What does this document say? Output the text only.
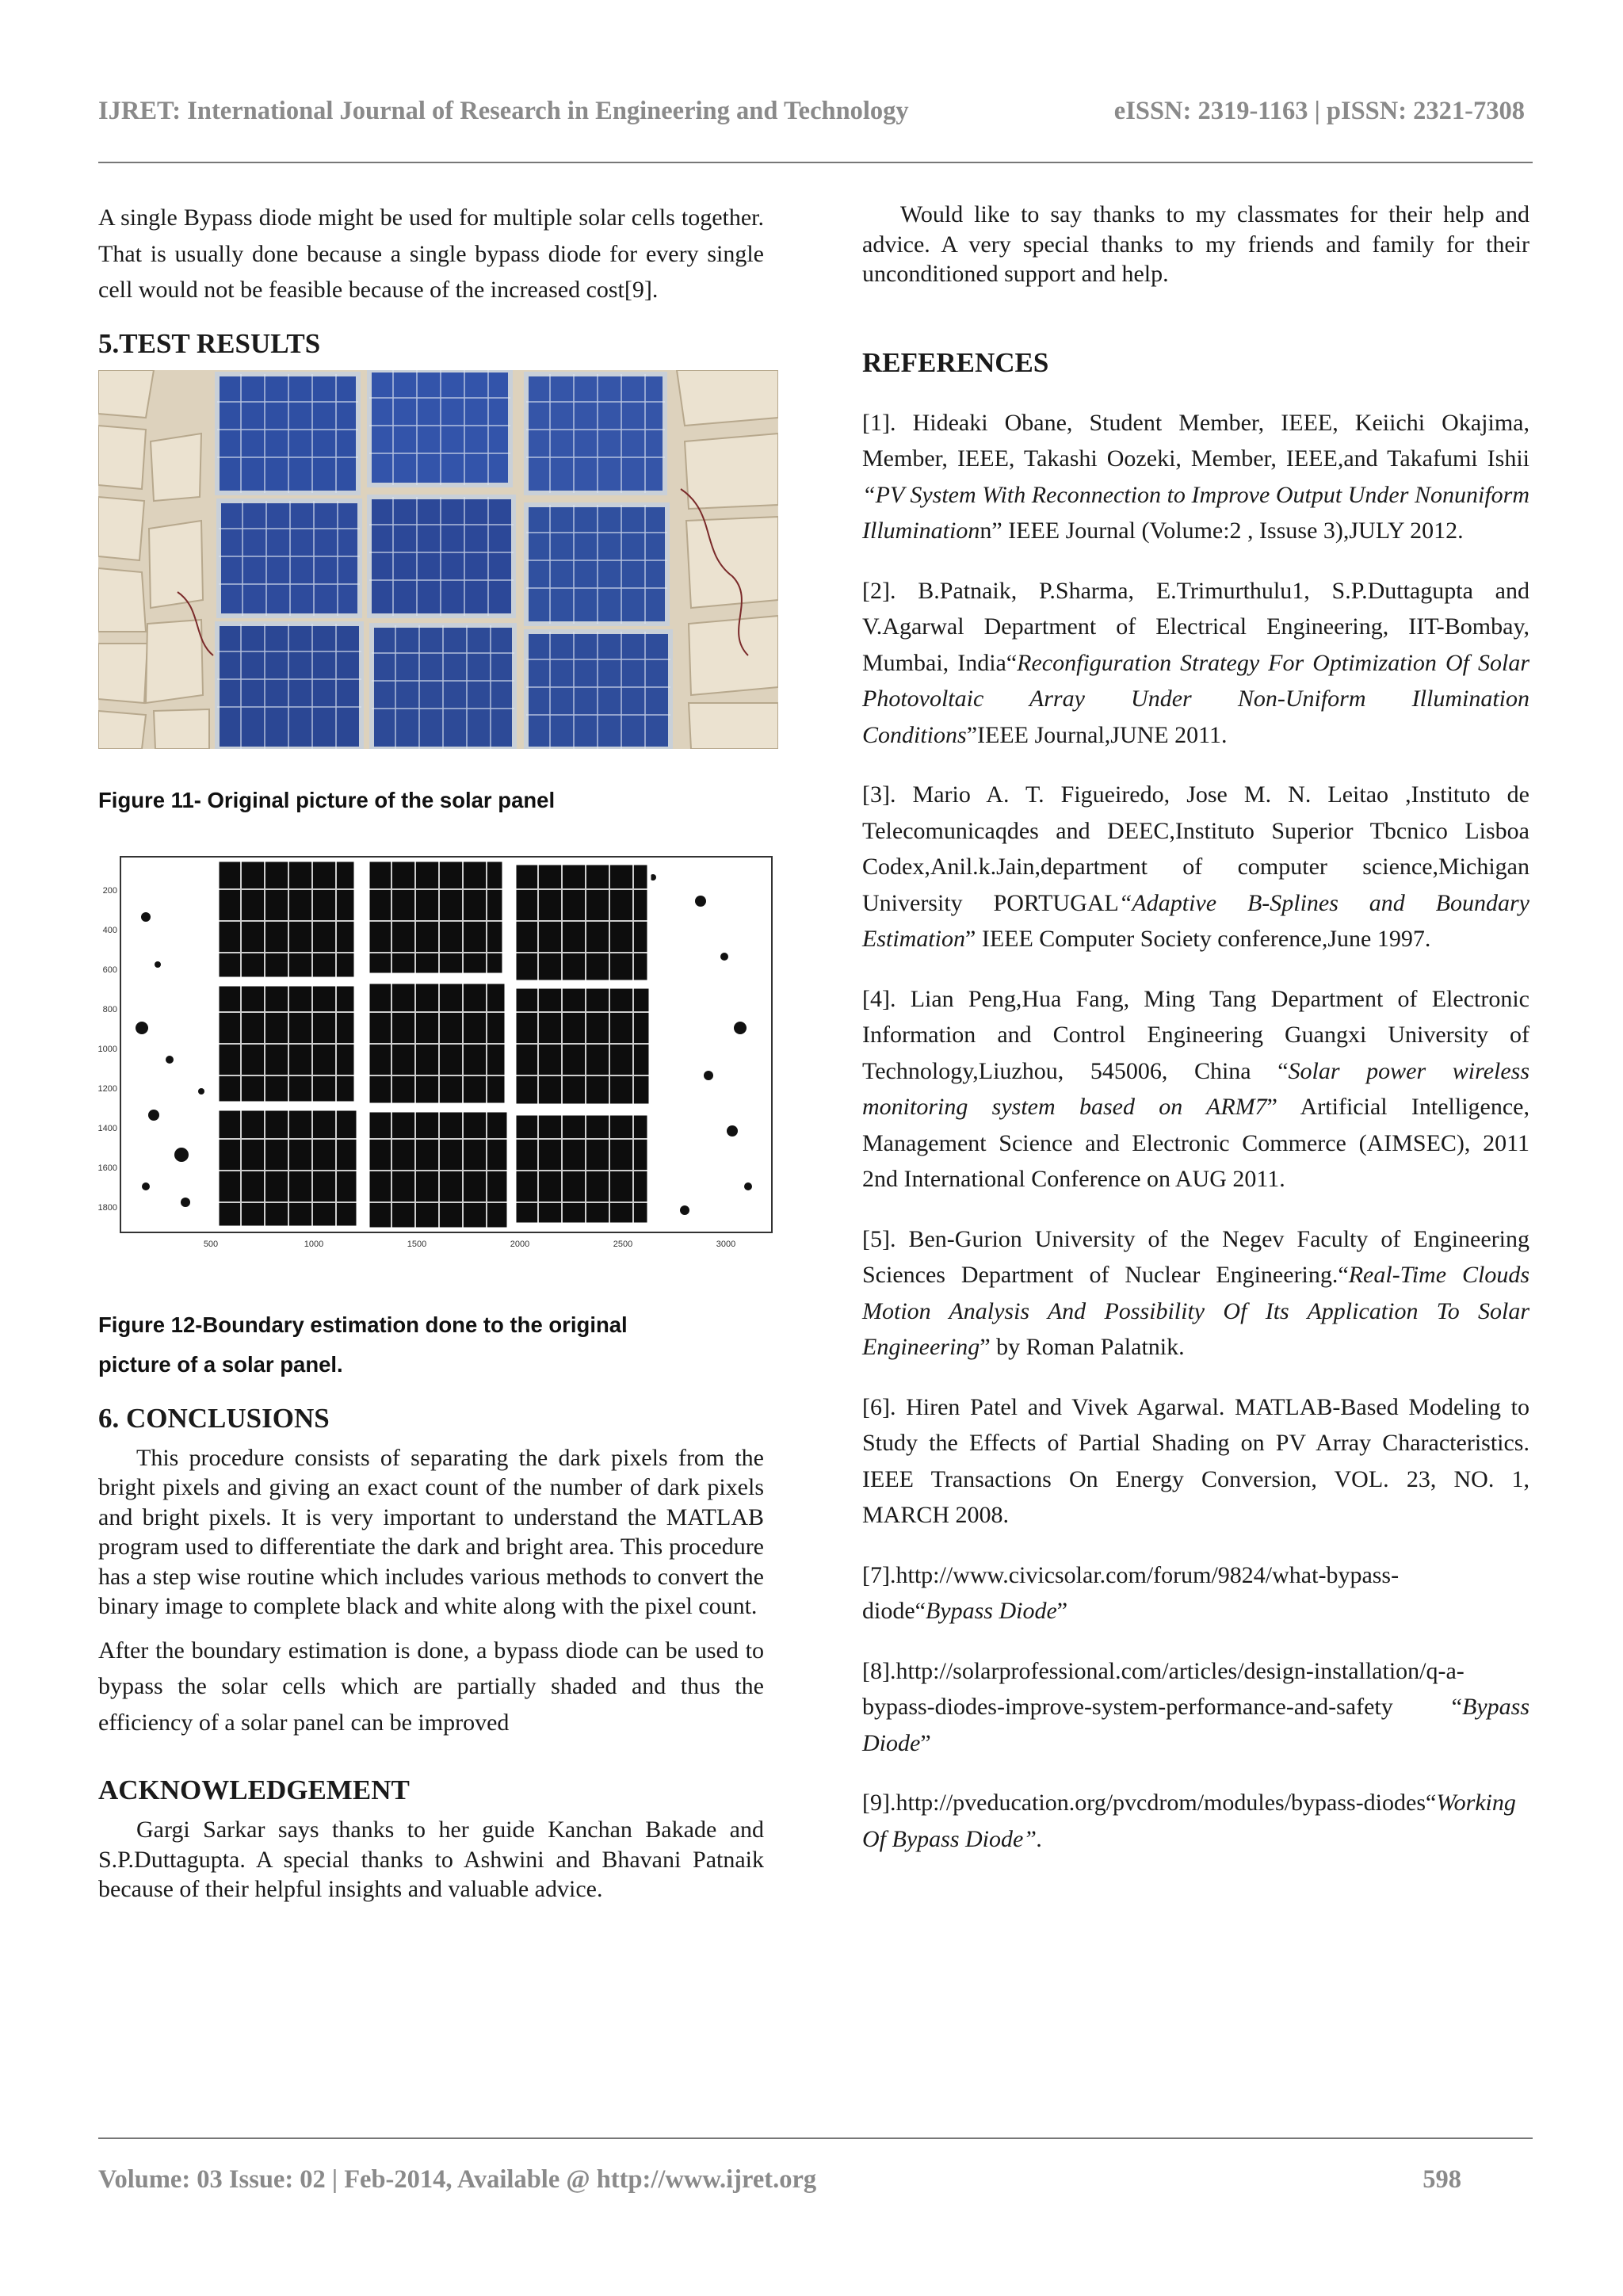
IJRET: International Journal of Research in Engineering and Technology	eISSN: 2319-1163 | pISSN: 2321-7308

A single Bypass diode might be used for multiple solar cells together. That is usually done because a single bypass diode for every single cell would not be feasible because of the increased cost[9].

5.TEST RESULTS

Figure 11- Original picture of the solar panel

200
400
600
800
1000
1200
1400
1600
1800
500	1000	1500	2000	2500	3000

Figure 12-Boundary estimation done to the original

picture of a solar panel.

6. CONCLUSIONS

This procedure consists of separating the dark pixels from the bright pixels and giving an exact count of the number of dark pixels and bright pixels. It is very important to understand the MATLAB program used to differentiate the dark and bright area. This procedure has a step wise routine which includes various methods to convert the binary image to complete black and white along with the pixel count.

After the boundary estimation is done, a bypass diode can be used to bypass the solar cells which are partially shaded and thus the efficiency of a solar panel can be improved

ACKNOWLEDGEMENT

Gargi Sarkar says thanks to her guide Kanchan Bakade and S.P.Duttagupta. A special thanks to Ashwini and Bhavani Patnaik because of their helpful insights and valuable advice.

Would like to say thanks to my classmates for their help and advice. A very special thanks to my friends and family for their unconditioned support and help.

REFERENCES

[1]. Hideaki Obane, Student Member, IEEE, Keiichi Okajima, Member, IEEE, Takashi Oozeki, Member, IEEE,and Takafumi Ishii “PV System With Reconnection to Improve Output Under Nonuniform Illuminationn” IEEE Journal (Volume:2 , Issuse 3),JULY 2012.

[2]. B.Patnaik, P.Sharma, E.Trimurthulu1, S.P.Duttagupta and V.Agarwal Department of Electrical Engineering, IIT-Bombay, Mumbai, India“Reconfiguration Strategy For Optimization Of Solar Photovoltaic Array Under Non-Uniform Illumination Conditions”IEEE Journal,JUNE 2011.

[3]. Mario A. T. Figueiredo, Jose M. N. Leitao ,Instituto de Telecomunicaqdes and DEEC,Instituto Superior Tbcnico Lisboa Codex,Anil.k.Jain,department of computer science,Michigan University PORTUGAL“Adaptive B-Splines and Boundary Estimation” IEEE Computer Society conference,June 1997.

[4]. Lian Peng,Hua Fang, Ming Tang Department of Electronic Information and Control Engineering Guangxi University of Technology,Liuzhou, 545006, China “Solar power wireless monitoring system based on ARM7” Artificial Intelligence, Management Science and Electronic Commerce (AIMSEC), 2011 2nd International Conference on AUG 2011.

[5]. Ben-Gurion University of the Negev Faculty of Engineering Sciences Department of Nuclear Engineering.“Real-Time Clouds Motion Analysis And Possibility Of Its Application To Solar Engineering” by Roman Palatnik.

[6]. Hiren Patel and Vivek Agarwal. MATLAB-Based Modeling to Study the Effects of Partial Shading on PV Array Characteristics. IEEE Transactions On Energy Conversion, VOL. 23, NO. 1, MARCH 2008.

[7].http://www.civicsolar.com/forum/9824/what-bypass-diode“Bypass Diode”

[8].http://solarprofessional.com/articles/design-installation/q-a-bypass-diodes-improve-system-performance-and-safety “Bypass Diode”

[9].http://pveducation.org/pvcdrom/modules/bypass-diodes“Working Of Bypass Diode”.

Volume: 03 Issue: 02 | Feb-2014, Available @ http://www.ijret.org	598
